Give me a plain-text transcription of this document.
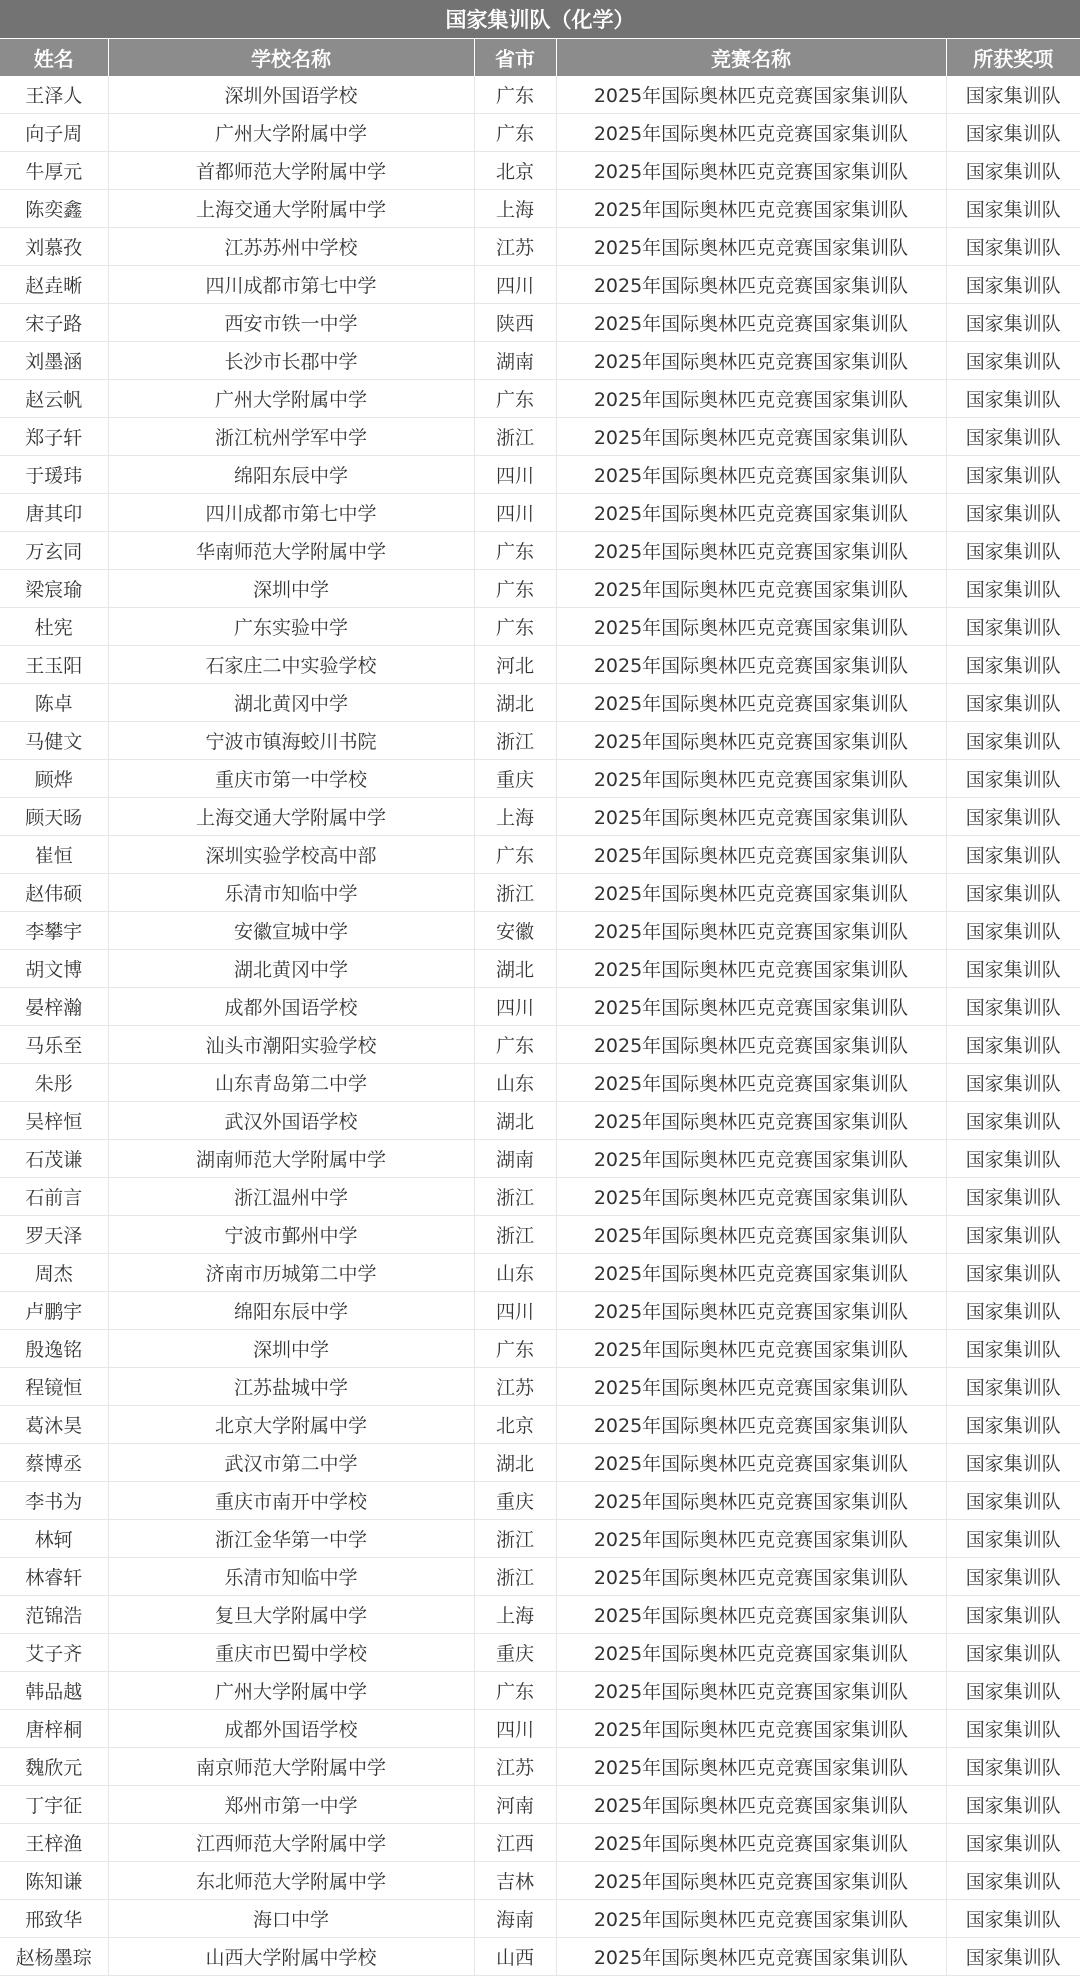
国家集训队（化学）
姓名	学校名称	省市	竞赛名称	所获奖项
王泽人	深圳外国语学校	广东	2025年国际奥林匹克竞赛国家集训队	国家集训队
向子周	广州大学附属中学	广东	2025年国际奥林匹克竞赛国家集训队	国家集训队
牛厚元	首都师范大学附属中学	北京	2025年国际奥林匹克竞赛国家集训队	国家集训队
陈奕鑫	上海交通大学附属中学	上海	2025年国际奥林匹克竞赛国家集训队	国家集训队
刘慕孜	江苏苏州中学校	江苏	2025年国际奥林匹克竞赛国家集训队	国家集训队
赵垚晰	四川成都市第七中学	四川	2025年国际奥林匹克竞赛国家集训队	国家集训队
宋子路	西安市铁一中学	陕西	2025年国际奥林匹克竞赛国家集训队	国家集训队
刘墨涵	长沙市长郡中学	湖南	2025年国际奥林匹克竞赛国家集训队	国家集训队
赵云帆	广州大学附属中学	广东	2025年国际奥林匹克竞赛国家集训队	国家集训队
郑子轩	浙江杭州学军中学	浙江	2025年国际奥林匹克竞赛国家集训队	国家集训队
于瑗玮	绵阳东辰中学	四川	2025年国际奥林匹克竞赛国家集训队	国家集训队
唐其印	四川成都市第七中学	四川	2025年国际奥林匹克竞赛国家集训队	国家集训队
万玄同	华南师范大学附属中学	广东	2025年国际奥林匹克竞赛国家集训队	国家集训队
梁宸瑜	深圳中学	广东	2025年国际奥林匹克竞赛国家集训队	国家集训队
杜宪	广东实验中学	广东	2025年国际奥林匹克竞赛国家集训队	国家集训队
王玉阳	石家庄二中实验学校	河北	2025年国际奥林匹克竞赛国家集训队	国家集训队
陈卓	湖北黄冈中学	湖北	2025年国际奥林匹克竞赛国家集训队	国家集训队
马健文	宁波市镇海蛟川书院	浙江	2025年国际奥林匹克竞赛国家集训队	国家集训队
顾烨	重庆市第一中学校	重庆	2025年国际奥林匹克竞赛国家集训队	国家集训队
顾天旸	上海交通大学附属中学	上海	2025年国际奥林匹克竞赛国家集训队	国家集训队
崔恒	深圳实验学校高中部	广东	2025年国际奥林匹克竞赛国家集训队	国家集训队
赵伟硕	乐清市知临中学	浙江	2025年国际奥林匹克竞赛国家集训队	国家集训队
李攀宇	安徽宣城中学	安徽	2025年国际奥林匹克竞赛国家集训队	国家集训队
胡文博	湖北黄冈中学	湖北	2025年国际奥林匹克竞赛国家集训队	国家集训队
晏梓瀚	成都外国语学校	四川	2025年国际奥林匹克竞赛国家集训队	国家集训队
马乐至	汕头市潮阳实验学校	广东	2025年国际奥林匹克竞赛国家集训队	国家集训队
朱彤	山东青岛第二中学	山东	2025年国际奥林匹克竞赛国家集训队	国家集训队
吴梓恒	武汉外国语学校	湖北	2025年国际奥林匹克竞赛国家集训队	国家集训队
石茂谦	湖南师范大学附属中学	湖南	2025年国际奥林匹克竞赛国家集训队	国家集训队
石前言	浙江温州中学	浙江	2025年国际奥林匹克竞赛国家集训队	国家集训队
罗天泽	宁波市鄞州中学	浙江	2025年国际奥林匹克竞赛国家集训队	国家集训队
周杰	济南市历城第二中学	山东	2025年国际奥林匹克竞赛国家集训队	国家集训队
卢鹏宇	绵阳东辰中学	四川	2025年国际奥林匹克竞赛国家集训队	国家集训队
殷逸铭	深圳中学	广东	2025年国际奥林匹克竞赛国家集训队	国家集训队
程镜恒	江苏盐城中学	江苏	2025年国际奥林匹克竞赛国家集训队	国家集训队
葛沐昊	北京大学附属中学	北京	2025年国际奥林匹克竞赛国家集训队	国家集训队
蔡博丞	武汉市第二中学	湖北	2025年国际奥林匹克竞赛国家集训队	国家集训队
李书为	重庆市南开中学校	重庆	2025年国际奥林匹克竞赛国家集训队	国家集训队
林轲	浙江金华第一中学	浙江	2025年国际奥林匹克竞赛国家集训队	国家集训队
林睿轩	乐清市知临中学	浙江	2025年国际奥林匹克竞赛国家集训队	国家集训队
范锦浩	复旦大学附属中学	上海	2025年国际奥林匹克竞赛国家集训队	国家集训队
艾子齐	重庆市巴蜀中学校	重庆	2025年国际奥林匹克竞赛国家集训队	国家集训队
韩品越	广州大学附属中学	广东	2025年国际奥林匹克竞赛国家集训队	国家集训队
唐梓桐	成都外国语学校	四川	2025年国际奥林匹克竞赛国家集训队	国家集训队
魏欣元	南京师范大学附属中学	江苏	2025年国际奥林匹克竞赛国家集训队	国家集训队
丁宇征	郑州市第一中学	河南	2025年国际奥林匹克竞赛国家集训队	国家集训队
王梓渔	江西师范大学附属中学	江西	2025年国际奥林匹克竞赛国家集训队	国家集训队
陈知谦	东北师范大学附属中学	吉林	2025年国际奥林匹克竞赛国家集训队	国家集训队
邢致华	海口中学	海南	2025年国际奥林匹克竞赛国家集训队	国家集训队
赵杨墨琮	山西大学附属中学校	山西	2025年国际奥林匹克竞赛国家集训队	国家集训队
